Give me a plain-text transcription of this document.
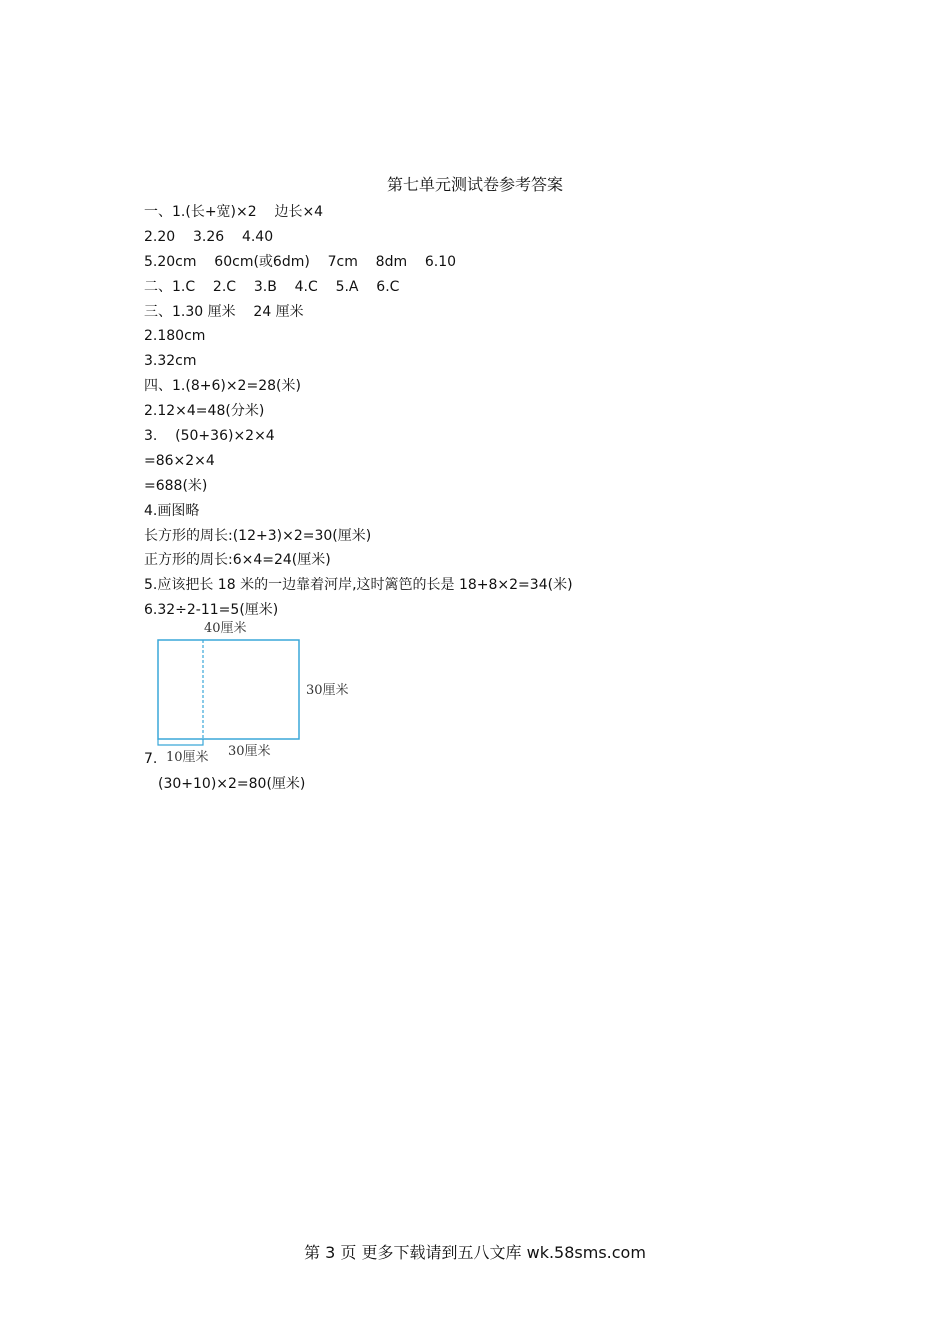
第七单元测试卷参考答案
一、1.(长+宽)×2    边长×4
2.20    3.26    4.40
5.20cm    60cm(或6dm)    7cm    8dm    6.10
二、1.C    2.C    3.B    4.C    5.A    6.C
三、1.30 厘米    24 厘米
2.180cm
3.32cm
四、1.(8+6)×2=28(米)
2.12×4=48(分米)
3.    (50+36)×2×4
=86×2×4
=688(米)
4.画图略
长方形的周长:(12+3)×2=30(厘米)
正方形的周长:6×4=24(厘米)
5.应该把长 18 米的一边靠着河岸,这时篱笆的长是 18+8×2=34(米)
6.32÷2-11=5(厘米)
40厘米
30厘米
10厘米 30厘米
7.
(30+10)×2=80(厘米)
第 3 页 更多下载请到五八文库 wk.58sms.com
